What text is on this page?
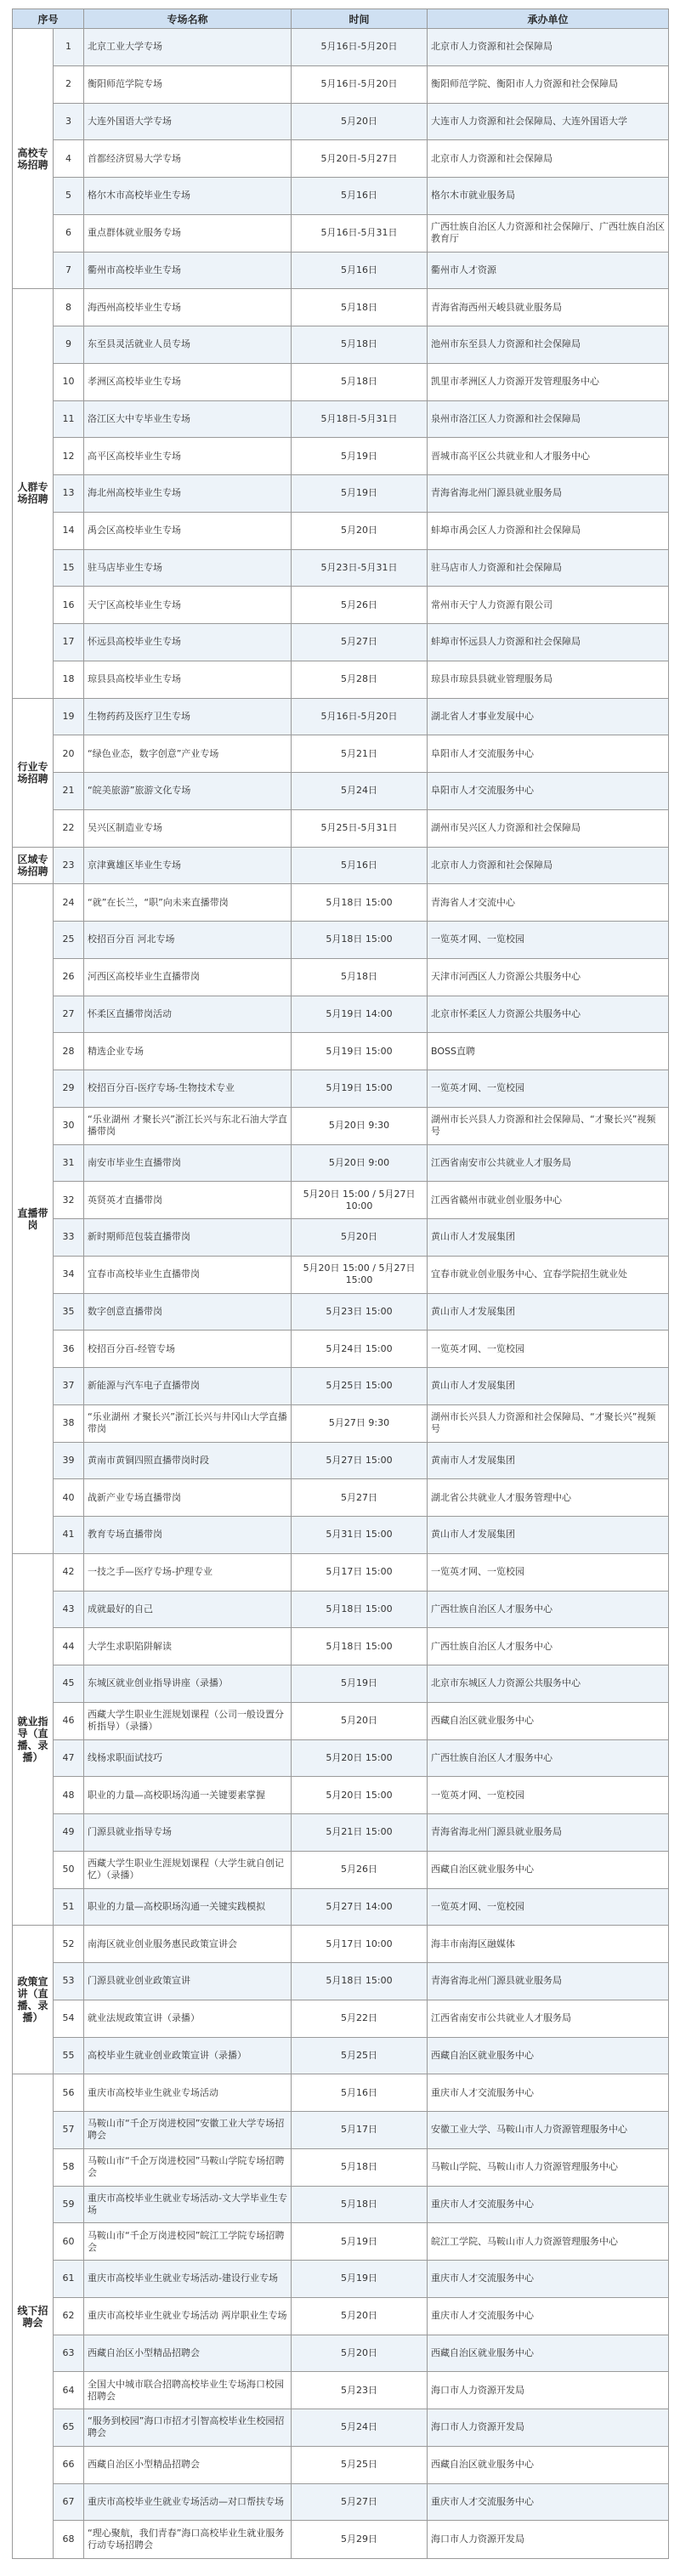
序号		专场名称	时间	承办单位
高校专场招聘	1	北京工业大学专场	5月16日-5月20日	北京市人力资源和社会保障局
	2	衡阳师范学院专场	5月16日-5月20日	衡阳师范学院、衡阳市人力资源和社会保障局
	3	大连外国语大学专场	5月20日	大连市人力资源和社会保障局、大连外国语大学
	4	首都经济贸易大学专场	5月20日-5月27日	北京市人力资源和社会保障局
	5	格尔木市高校毕业生专场	5月16日	格尔木市就业服务局
	6	重点群体就业服务专场	5月16日-5月31日	广西壮族自治区人力资源和社会保障厅、广西壮族自治区教育厅
	7	衢州市高校毕业生专场	5月16日	衢州市人才资源
人群专场招聘	8	海西州高校毕业生专场	5月18日	青海省海西州天峻县就业服务局
	9	东至县灵活就业人员专场	5月18日	池州市东至县人力资源和社会保障局
	10	孝洲区高校毕业生专场	5月18日	凯里市孝洲区人力资源开发管理服务中心
	11	洛江区大中专毕业生专场	5月18日-5月31日	泉州市洛江区人力资源和社会保障局
	12	高平区高校毕业生专场	5月19日	晋城市高平区公共就业和人才服务中心
	13	海北州高校毕业生专场	5月19日	青海省海北州门源县就业服务局
	14	禹会区高校毕业生专场	5月20日	蚌埠市禹会区人力资源和社会保障局
	15	驻马店毕业生专场	5月23日-5月31日	驻马店市人力资源和社会保障局
	16	天宁区高校毕业生专场	5月26日	常州市天宁人力资源有限公司
	17	怀远县高校毕业生专场	5月27日	蚌埠市怀远县人力资源和社会保障局
	18	琼县县高校毕业生专场	5月28日	琼县市琼县县就业管理服务局
行业专场招聘	19	生物药药及医疗卫生专场	5月16日-5月20日	湖北省人才事业发展中心
	20	“绿色业态，数字创意”产业专场	5月21日	阜阳市人才交流服务中心
	21	“皖美旅游”旅游文化专场	5月24日	阜阳市人才交流服务中心
	22	吴兴区制造业专场	5月25日-5月31日	湖州市吴兴区人力资源和社会保障局
区域专场招聘	23	京津冀雄区毕业生专场	5月16日	北京市人力资源和社会保障局
直播带岗	24	“就”在长兰，“职”向未来直播带岗	5月18日 15:00	青海省人才交流中心
	25	校招百分百 河北专场	5月18日 15:00	一览英才网、一览校园
	26	河西区高校毕业生直播带岗	5月18日	天津市河西区人力资源公共服务中心
	27	怀柔区直播带岗活动	5月19日 14:00	北京市怀柔区人力资源公共服务中心
	28	精选企业专场	5月19日 15:00	BOSS直聘
	29	校招百分百-医疗专场-生物技术专业	5月19日 15:00	一览英才网、一览校园
	30	“乐业湖州 才聚长兴”浙江长兴与东北石油大学直播带岗	5月20日 9:30	湖州市长兴县人力资源和社会保障局、“才聚长兴”视频号
	31	南安市毕业生直播带岗	5月20日 9:00	江西省南安市公共就业人才服务局
	32	英贤英才直播带岗	5月20日 15:00 / 5月27日 10:00	江西省赣州市就业创业服务中心
	33	新时期师范包装直播带岗	5月20日	黄山市人才发展集团
	34	宜春市高校毕业生直播带岗	5月20日 15:00 / 5月27日 15:00	宜春市就业创业服务中心、宜春学院招生就业处
	35	数字创意直播带岗	5月23日 15:00	黄山市人才发展集团
	36	校招百分百-经管专场	5月24日 15:00	一览英才网、一览校园
	37	新能源与汽车电子直播带岗	5月25日 15:00	黄山市人才发展集团
	38	“乐业湖州 才聚长兴”浙江长兴与井冈山大学直播带岗	5月27日 9:30	湖州市长兴县人力资源和社会保障局、“才聚长兴”视频号
	39	黄南市黄铜四照直播带岗时段	5月27日 15:00	黄南市人才发展集团
	40	战新产业专场直播带岗	5月27日	湖北省公共就业人才服务管理中心
	41	教育专场直播带岗	5月31日 15:00	黄山市人才发展集团
就业指导（直播、录播）	42	一技之手—医疗专场-护理专业	5月17日 15:00	一览英才网、一览校园
	43	成就最好的自己	5月18日 15:00	广西壮族自治区人才服务中心
	44	大学生求职陷阱解读	5月18日 15:00	广西壮族自治区人才服务中心
	45	东城区就业创业指导讲座（录播）	5月19日	北京市东城区人力资源公共服务中心
	46	西藏大学生职业生涯规划课程（公司一般设置分析指导）（录播）	5月20日	西藏自治区就业服务中心
	47	线杨求职面试技巧	5月20日 15:00	广西壮族自治区人才服务中心
	48	职业的力量—高校职场沟通一关键要素掌握	5月20日 15:00	一览英才网、一览校园
	49	门源县就业指导专场	5月21日 15:00	青海省海北州门源县就业服务局
	50	西藏大学生职业生涯规划课程（大学生就自创记忆）（录播）	5月26日	西藏自治区就业服务中心
	51	职业的力量—高校职场沟通一关键实践模拟	5月27日 14:00	一览英才网、一览校园
政策宣讲（直播、录播）	52	南海区就业创业服务惠民政策宣讲会	5月17日 10:00	海丰市南海区融媒体
	53	门源县就业创业政策宣讲	5月18日 15:00	青海省海北州门源县就业服务局
	54	就业法规政策宣讲（录播）	5月22日	江西省南安市公共就业人才服务局
	55	高校毕业生就业创业政策宣讲（录播）	5月25日	西藏自治区就业服务中心
线下招聘会	56	重庆市高校毕业生就业专场活动	5月16日	重庆市人才交流服务中心
	57	马鞍山市“千企万岗进校园”安徽工业大学专场招聘会	5月17日	安徽工业大学、马鞍山市人力资源管理服务中心
	58	马鞍山市“千企万岗进校园”马鞍山学院专场招聘会	5月18日	马鞍山学院、马鞍山市人力资源管理服务中心
	59	重庆市高校毕业生就业专场活动-文大学毕业生专场	5月18日	重庆市人才交流服务中心
	60	马鞍山市“千企万岗进校园”皖江工学院专场招聘会	5月19日	皖江工学院、马鞍山市人力资源管理服务中心
	61	重庆市高校毕业生就业专场活动-建设行业专场	5月19日	重庆市人才交流服务中心
	62	重庆市高校毕业生就业专场活动 两岸职业生专场	5月20日	重庆市人才交流服务中心
	63	西藏自治区小型精品招聘会	5月20日	西藏自治区就业服务中心
	64	全国大中城市联合招聘高校毕业生专场海口校园招聘会	5月23日	海口市人力资源开发局
	65	“服务到校园”海口市招才引智高校毕业生校园招聘会	5月24日	海口市人力资源开发局
	66	西藏自治区小型精品招聘会	5月25日	西藏自治区就业服务中心
	67	重庆市高校毕业生就业专场活动—对口帮扶专场	5月27日	重庆市人才交流服务中心
	68	“理心聚航，我们青春”海口高校毕业生就业服务行动专场招聘会	5月29日	海口市人力资源开发局
